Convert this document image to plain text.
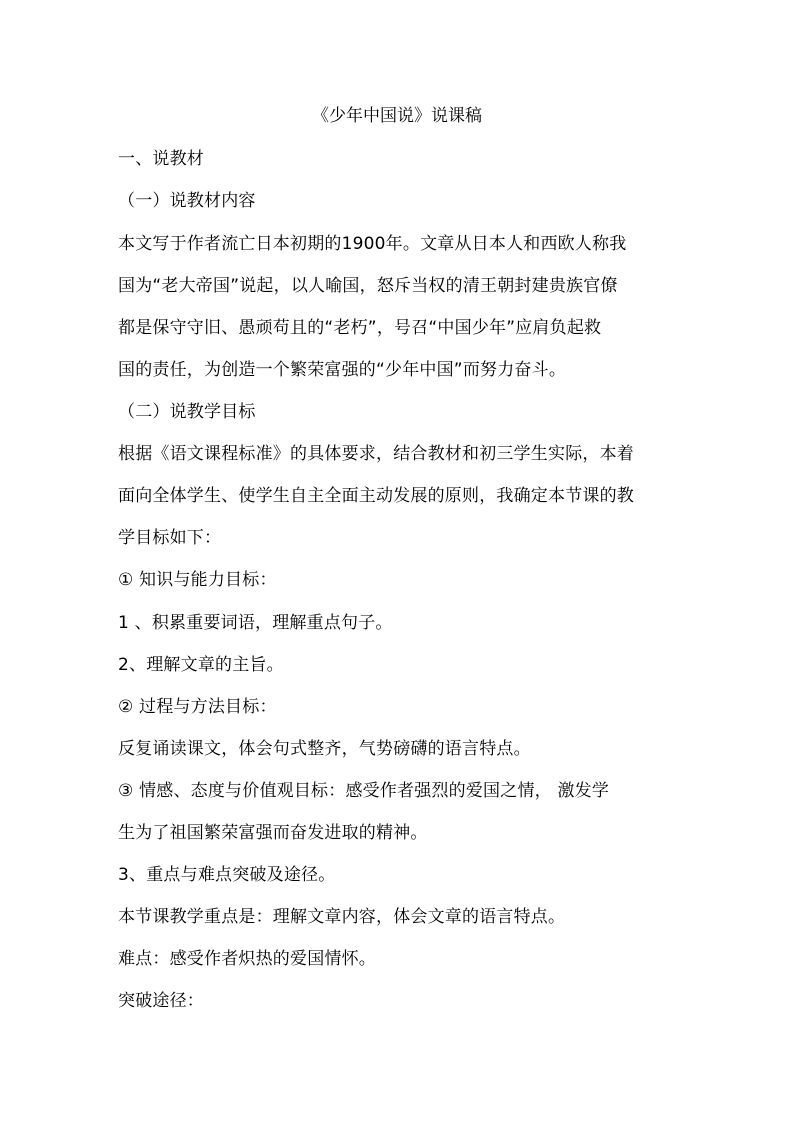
《少年中国说》说课稿
一、说教材
（一）说教材内容
本文写于作者流亡日本初期的1900年。文章从日本人和西欧人称我
国为“老大帝国”说起，以人喻国，怒斥当权的清王朝封建贵族官僚
都是保守守旧、愚顽苟且的“老朽”，号召“中国少年”应肩负起救
国的责任，为创造一个繁荣富强的“少年中国”而努力奋斗。
（二）说教学目标
根据《语文课程标准》的具体要求，结合教材和初三学生实际，本着
面向全体学生、使学生自主全面主动发展的原则，我确定本节课的教
学目标如下：
① 知识与能力目标：
1 、积累重要词语，理解重点句子。
2、理解文章的主旨。
② 过程与方法目标：
反复诵读课文，体会句式整齐，气势磅礴的语言特点。
③ 情感、态度与价值观目标：感受作者强烈的爱国之情， 激发学
生为了祖国繁荣富强而奋发进取的精神。
3、重点与难点突破及途径。
本节课教学重点是：理解文章内容，体会文章的语言特点。
难点：感受作者炽热的爱国情怀。
突破途径：
